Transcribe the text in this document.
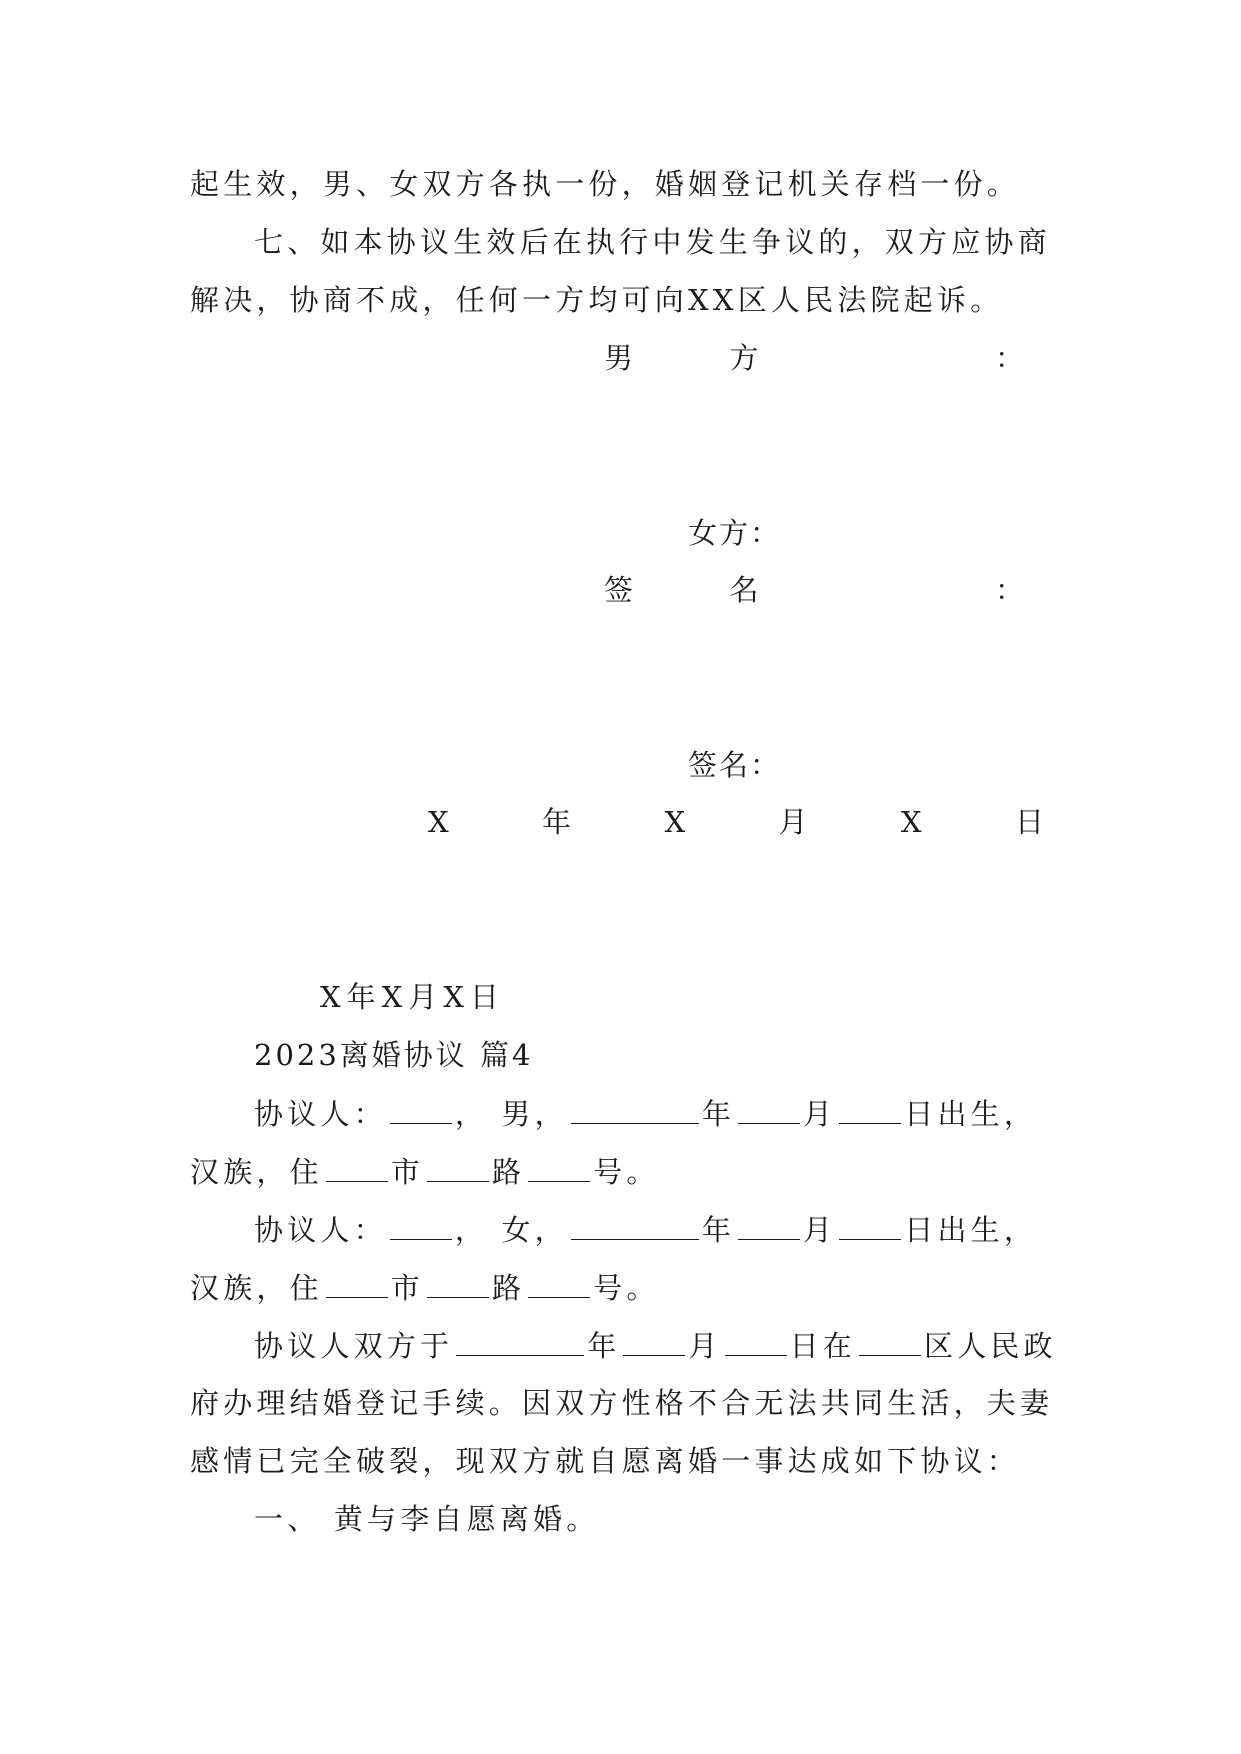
起生效，男、女双方各执一份，婚姻登记机关存档一份。
七、如本协议生效后在执行中发生争议的，双方应协商
解决，协商不成，任何一方均可向XX区人民法院起诉。
男	方	：
女方：
签	名	：
签名：
X	年	X	月	X	日
X年X月X日
2023离婚协议 篇4
协议人： ， 男，	年 月 日出生，
汉族，住 市 路 号。
协议人： ， 女，	年 月 日出生，
汉族，住 市 路 号。
协议人双方于	年 月 日在 区人民政
府办理结婚登记手续。因双方性格不合无法共同生活，夫妻
感情已完全破裂，现双方就自愿离婚一事达成如下协议：
一、 黄与李自愿离婚。
